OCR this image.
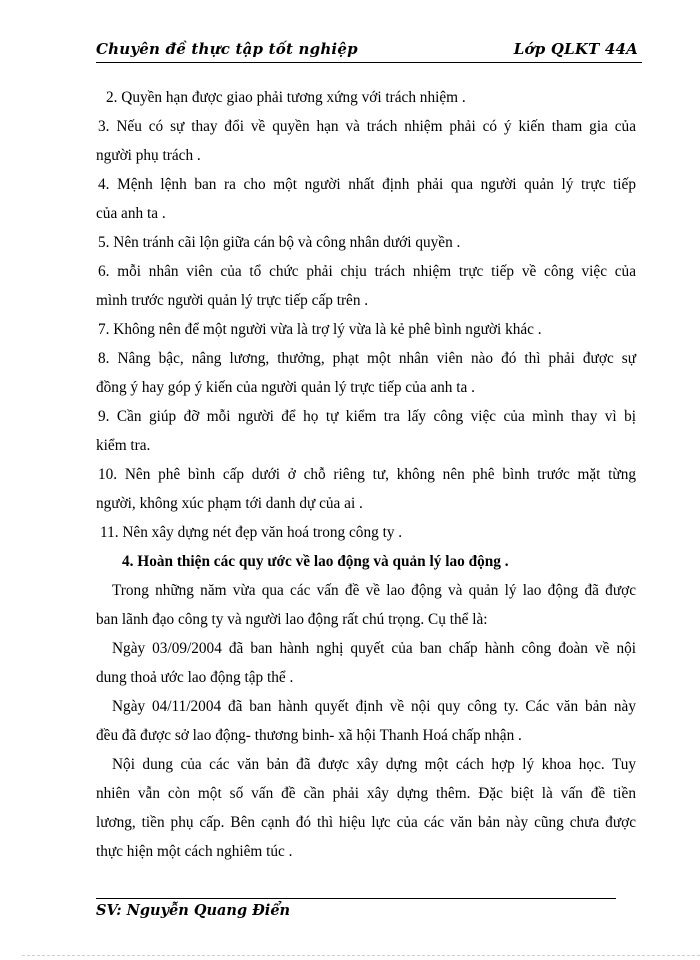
Chuyên đề thực tập tốt nghiệp	Lớp QLKT 44A
2. Quyền hạn được giao phải tương xứng với trách nhiệm .
3. Nếu có sự thay đổi về quyền hạn và trách nhiệm phải có ý kiến tham gia của
người phụ trách .
4. Mệnh lệnh ban ra cho một người nhất định phải qua người quản lý trực tiếp
của anh ta .
5. Nên tránh cãi lộn giữa cán bộ và công nhân dưới quyền .
6. mỗi nhân viên của tổ chức phải chịu trách nhiệm trực tiếp về công việc của
mình trước người quản lý trực tiếp cấp trên .
7. Không nên để một người vừa là trợ lý vừa là kẻ phê bình người khác .
8. Nâng bậc, nâng lương, thưởng, phạt một nhân viên nào đó thì phải được sự
đồng ý hay góp ý kiến của người quản lý trực tiếp của anh ta .
9. Cần giúp đỡ mỗi người để họ tự kiểm tra lấy công việc của mình thay vì bị
kiểm tra.
10. Nên phê bình cấp dưới ở chỗ riêng tư, không nên phê bình trước mặt từng
người, không xúc phạm tới danh dự của ai .
11. Nên xây dựng nét đẹp văn hoá trong công ty .
4. Hoàn thiện các quy ước về lao động và quản lý lao động .
Trong những năm vừa qua các vấn đề về lao động và quản lý lao động đã được
ban lãnh đạo công ty và người lao động rất chú trọng. Cụ thể là:
Ngày 03/09/2004 đã ban hành nghị quyết của ban chấp hành công đoàn về nội
dung thoả ước lao động tập thể .
Ngày 04/11/2004 đã ban hành quyết định về nội quy công ty. Các văn bản này
đều đã được sở lao động- thương binh- xã hội Thanh Hoá chấp nhận .
Nội dung của các văn bản đã được xây dựng một cách hợp lý khoa học. Tuy
nhiên vẫn còn một số vấn đề cần phải xây dựng thêm. Đặc biệt là vấn đề tiền
lương, tiền phụ cấp. Bên cạnh đó thì hiệu lực của các văn bản này cũng chưa được
thực hiện một cách nghiêm túc .
SV: Nguyễn Quang Điển
